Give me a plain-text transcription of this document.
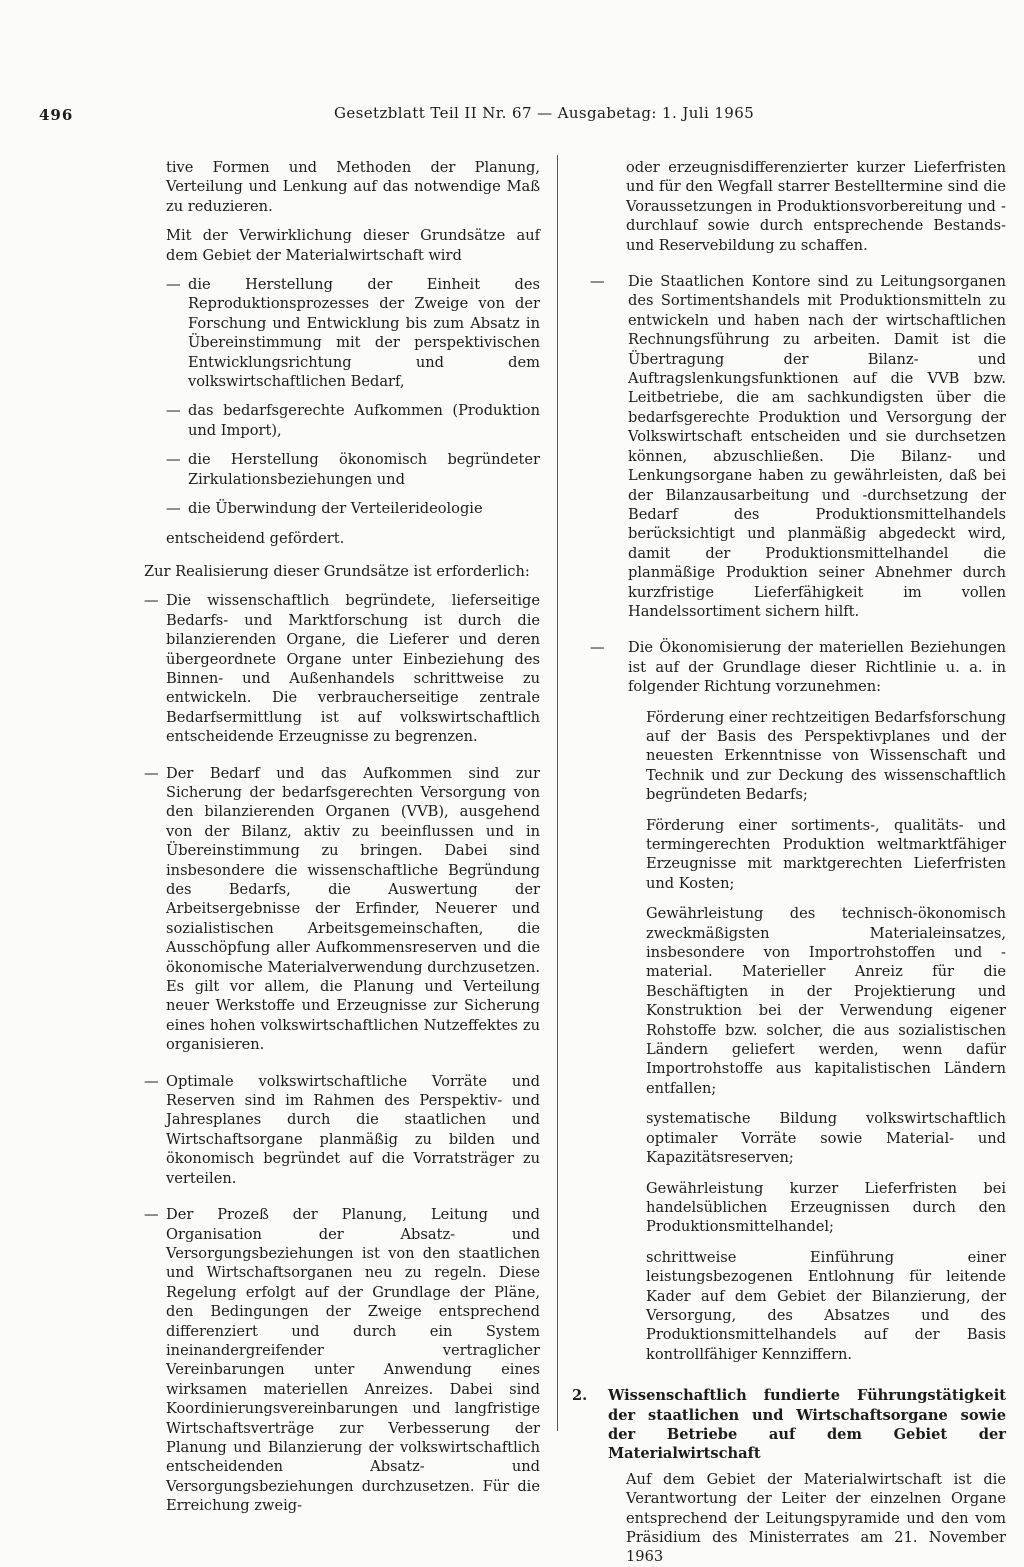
496	Gesetzblatt Teil II Nr. 67 — Ausgabetag: 1. Juli 1965

tive Formen und Methoden der Planung, Verteilung und Lenkung auf das notwendige Maß zu reduzieren.

Mit der Verwirklichung dieser Grundsätze auf dem Gebiet der Materialwirtschaft wird

— die Herstellung der Einheit des Reproduktionsprozesses der Zweige von der Forschung und Entwicklung bis zum Absatz in Übereinstimmung mit der perspektivischen Entwicklungsrichtung und dem volkswirtschaftlichen Bedarf,
— das bedarfsgerechte Aufkommen (Produktion und Import),
— die Herstellung ökonomisch begründeter Zirkulationsbeziehungen und
— die Überwindung der Verteilerideologie

entscheidend gefördert.

Zur Realisierung dieser Grundsätze ist erforderlich:

— Die wissenschaftlich begründete, lieferseitige Bedarfs- und Marktforschung ist durch die bilanzierenden Organe, die Lieferer und deren übergeordnete Organe unter Einbeziehung des Binnen- und Außenhandels schrittweise zu entwickeln. Die verbraucherseitige zentrale Bedarfsermittlung ist auf volkswirtschaftlich entscheidende Erzeugnisse zu begrenzen.
— Der Bedarf und das Aufkommen sind zur Sicherung der bedarfsgerechten Versorgung von den bilanzierenden Organen (VVB), ausgehend von der Bilanz, aktiv zu beeinflussen und in Übereinstimmung zu bringen. Dabei sind insbesondere die wissenschaftliche Begründung des Bedarfs, die Auswertung der Arbeitsergebnisse der Erfinder, Neuerer und sozialistischen Arbeitsgemeinschaften, die Ausschöpfung aller Aufkommensreserven und die ökonomische Materialverwendung durchzusetzen. Es gilt vor allem, die Planung und Verteilung neuer Werkstoffe und Erzeugnisse zur Sicherung eines hohen volkswirtschaftlichen Nutzeffektes zu organisieren.
— Optimale volkswirtschaftliche Vorräte und Reserven sind im Rahmen des Perspektiv- und Jahresplanes durch die staatlichen und Wirtschaftsorgane planmäßig zu bilden und ökonomisch begründet auf die Vorratsträger zu verteilen.
— Der Prozeß der Planung, Leitung und Organisation der Absatz- und Versorgungsbeziehungen ist von den staatlichen und Wirtschaftsorganen neu zu regeln. Diese Regelung erfolgt auf der Grundlage der Pläne, den Bedingungen der Zweige entsprechend differenziert und durch ein System ineinandergreifender vertraglicher Vereinbarungen unter Anwendung eines wirksamen materiellen Anreizes. Dabei sind Koordinierungsvereinbarungen und langfristige Wirtschaftsverträge zur Verbesserung der Planung und Bilanzierung der volkswirtschaftlich entscheidenden Absatz- und Versorgungsbeziehungen durchzusetzen. Für die Erreichung zweig-

oder erzeugnisdifferenzierter kurzer Lieferfristen und für den Wegfall starrer Bestelltermine sind die Voraussetzungen in Produktionsvorbereitung und -durchlauf sowie durch entsprechende Bestands- und Reservebildung zu schaffen.

— Die Staatlichen Kontore sind zu Leitungsorganen des Sortimentshandels mit Produktionsmitteln zu entwickeln und haben nach der wirtschaftlichen Rechnungsführung zu arbeiten. Damit ist die Übertragung der Bilanz- und Auftragslenkungsfunktionen auf die VVB bzw. Leitbetriebe, die am sachkundigsten über die bedarfsgerechte Produktion und Versorgung der Volkswirtschaft entscheiden und sie durchsetzen können, abzuschließen. Die Bilanz- und Lenkungsorgane haben zu gewährleisten, daß bei der Bilanzausarbeitung und -durchsetzung der Bedarf des Produktionsmittelhandels berücksichtigt und planmäßig abgedeckt wird, damit der Produktionsmittelhandel die planmäßige Produktion seiner Abnehmer durch kurzfristige Lieferfähigkeit im vollen Handelssortiment sichern hilft.
— Die Ökonomisierung der materiellen Beziehungen ist auf der Grundlage dieser Richtlinie u. a. in folgender Richtung vorzunehmen:

Förderung einer rechtzeitigen Bedarfsforschung auf der Basis des Perspektivplanes und der neuesten Erkenntnisse von Wissenschaft und Technik und zur Deckung des wissenschaftlich begründeten Bedarfs;

Förderung einer sortiments-, qualitäts- und termingerechten Produktion weltmarktfähiger Erzeugnisse mit marktgerechten Lieferfristen und Kosten;

Gewährleistung des technisch-ökonomisch zweckmäßigsten Materialeinsatzes, insbesondere von Importrohstoffen und -material. Materieller Anreiz für die Beschäftigten in der Projektierung und Konstruktion bei der Verwendung eigener Rohstoffe bzw. solcher, die aus sozialistischen Ländern geliefert werden, wenn dafür Importrohstoffe aus kapitalistischen Ländern entfallen;

systematische Bildung volkswirtschaftlich optimaler Vorräte sowie Material- und Kapazitätsreserven;

Gewährleistung kurzer Lieferfristen bei handelsüblichen Erzeugnissen durch den Produktionsmittelhandel;

schrittweise Einführung einer leistungsbezogenen Entlohnung für leitende Kader auf dem Gebiet der Bilanzierung, der Versorgung, des Absatzes und des Produktionsmittelhandels auf der Basis kontrollfähiger Kennziffern.

2. Wissenschaftlich fundierte Führungstätigkeit der staatlichen und Wirtschaftsorgane sowie der Betriebe auf dem Gebiet der Materialwirtschaft

Auf dem Gebiet der Materialwirtschaft ist die Verantwortung der Leiter der einzelnen Organe entsprechend der Leitungspyramide und den vom Präsidium des Ministerrates am 21. November 1963
